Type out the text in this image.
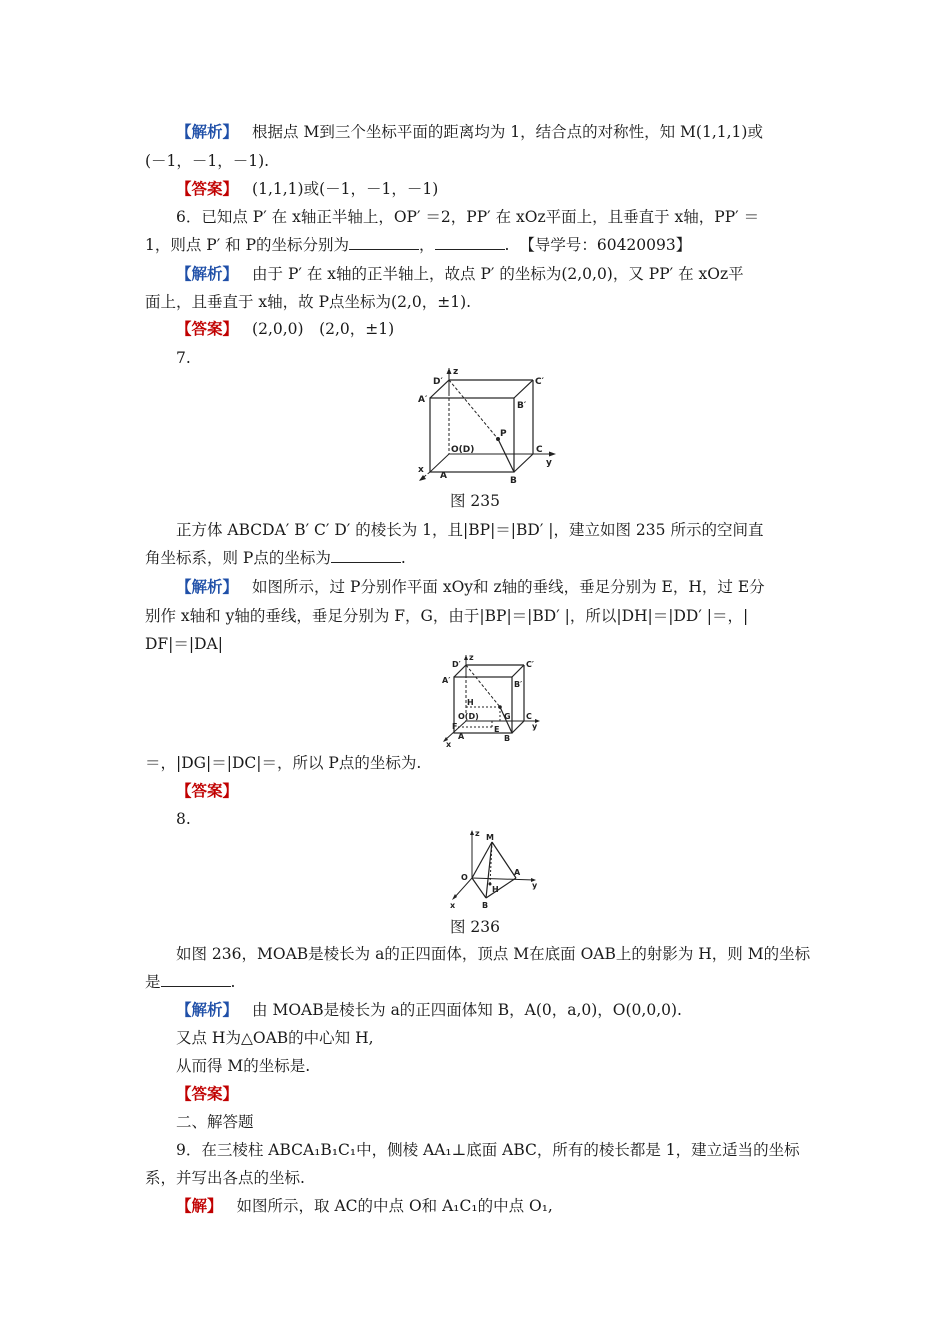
【 解析 】 根据点 M到三个坐标平面的距离均为 1，结合点的对称性，知 M(1,1,1)或
(－1，－1，－1).
【 答案 】 (1,1,1)或(－1，－1，－1)
6．已知点 P′ 在 x轴正半轴上，OP′ ＝2，PP′ 在 xOz平面上，且垂直于 x轴，PP′ ＝
1，则点 P′ 和 P的坐标分别为	，	. 【导学号：60420093】
【 解析 】 由于 P′ 在 x轴的正半轴上，故点 P′ 的坐标为(2,0,0)，又 PP′ 在 xOz平
面上，且垂直于 x轴，故 P点坐标为(2,0，±1).
【 答案 】 (2,0,0)　(2,0，±1)
7.
z
D′	C′
A′
B′
P
O(D)	C
A	B
x
y
图 235
正方体 ABCDA′ B′ C′ D′ 的棱长为 1，且|BP|＝|BD′ |，建立如图 235 所示的空间直
角坐标系，则 P点的坐标为	.
【 解析 】 如图所示，过 P分别作平面 xOy和 z轴的垂线，垂足分别为 E，H，过 E分
别作 x轴和 y轴的垂线，垂足分别为 F，G，由于|BP|＝|BD′ |，所以|DH|＝|DD′ |＝，|
DF|＝|DA|
z
D′	C′
A′	B′
H
O(D)	G C
F	E
A	B
x
y
＝，|DG|＝|DC|＝，所以 P点的坐标为.
【 答案 】
8.
z M
O
H
A
B
x
y
图 236
如图 236，MOAB是棱长为 a的正四面体，顶点 M在底面 OAB上的射影为 H，则 M的坐标
是	.
【 解析 】 由 MOAB是棱长为 a的正四面体知 B，A(0，a,0)，O(0,0,0).
又点 H为△OAB的中心知 H,
从而得 M的坐标是.
【 答案 】
二、解答题
9．在三棱柱 ABCA₁B₁C₁中，侧棱 AA₁⊥底面 ABC，所有的棱长都是 1，建立适当的坐标
系，并写出各点的坐标.
【 解 】 如图所示，取 AC的中点 O和 A₁C₁的中点 O₁,
